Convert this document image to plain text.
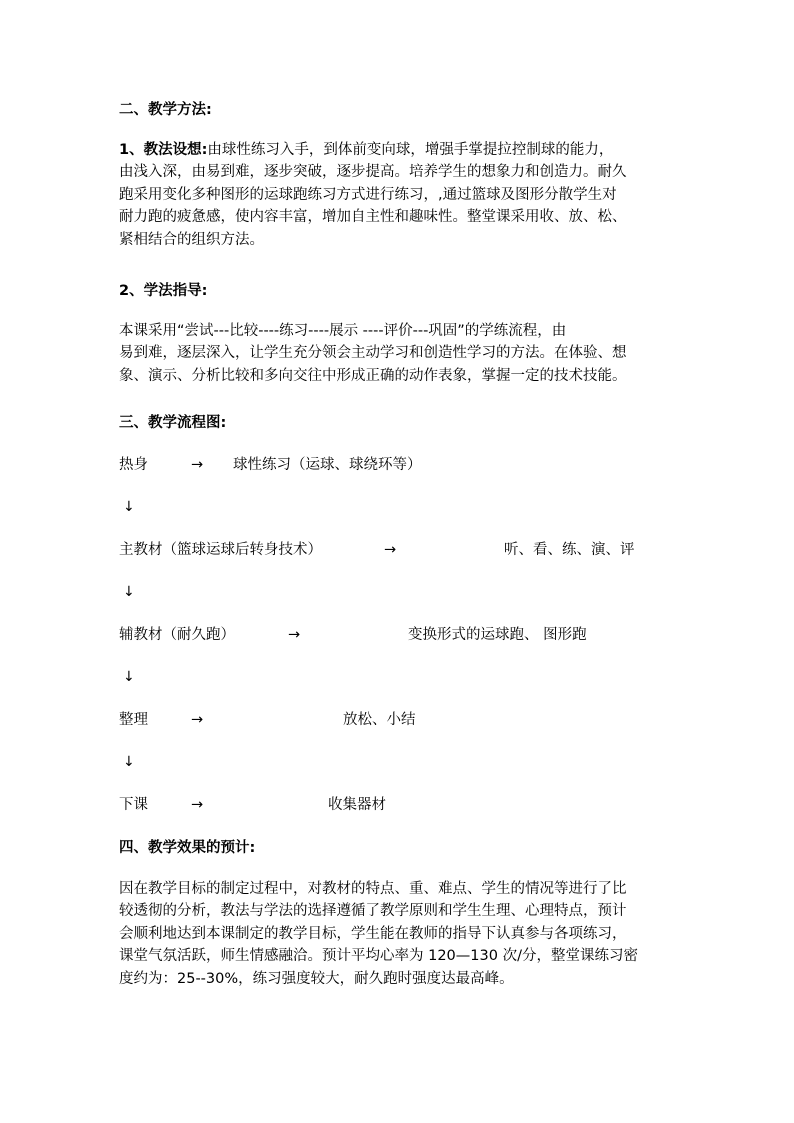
二、教学方法:
1、教法设想:由球性练习入手，到体前变向球，增强手掌提拉控制球的能力，
由浅入深，由易到难，逐步突破，逐步提高。培养学生的想象力和创造力。耐久
跑采用变化多种图形的运球跑练习方式进行练习，,通过篮球及图形分散学生对
耐力跑的疲惫感，使内容丰富，增加自主性和趣味性。整堂课采用收、放、松、
紧相结合的组织方法。
2、学法指导:
本课采用“尝试---比较----练习----展示 ----评价---巩固”的学练流程，由
易到难，逐层深入，让学生充分领会主动学习和创造性学习的方法。在体验、想
象、演示、分析比较和多向交往中形成正确的动作表象，掌握一定的技术技能。
三、教学流程图:
热身	→ 球性练习（运球、球绕环等）
↓
主教材（篮球运球后转身技术）	→	听、看、练、演、评
↓
辅教材（耐久跑）	→	变换形式的运球跑、 图形跑
↓
整理	→	放松、小结
↓
下课	→	收集器材
四、教学效果的预计:
因在教学目标的制定过程中，对教材的特点、重、难点、学生的情况等进行了比
较透彻的分析，教法与学法的选择遵循了教学原则和学生生理、心理特点，预计
会顺利地达到本课制定的教学目标，学生能在教师的指导下认真参与各项练习，
课堂气氛活跃，师生情感融洽。预计平均心率为 120—130 次/分，整堂课练习密
度约为：25--30%，练习强度较大，耐久跑时强度达最高峰。
